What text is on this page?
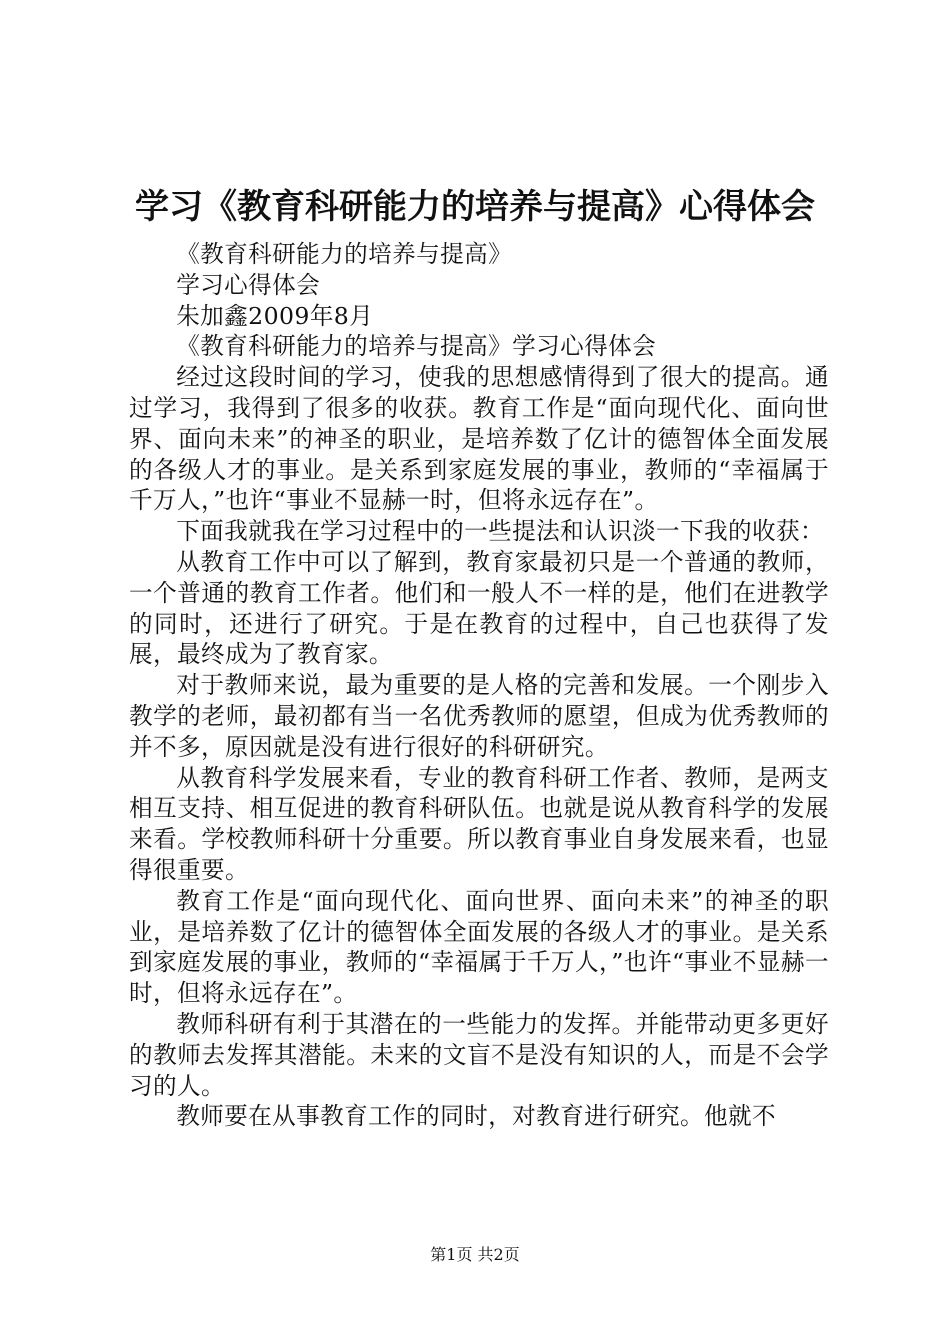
学习《教育科研能力的培养与提高》心得体会

《教育科研能力的培养与提高》

学习心得体会

朱加鑫2009年8月

《教育科研能力的培养与提高》学习心得体会

经过这段时间的学习，使我的思想感情得到了很大的提高。通过学习，我得到了很多的收获。教育工作是“面向现代化、面向世界、面向未来”的神圣的职业，是培养数了亿计的德智体全面发展的各级人才的事业。是关系到家庭发展的事业，教师的“幸福属于千万人，”也许“事业不显赫一时，但将永远存在”。

下面我就我在学习过程中的一些提法和认识淡一下我的收获：

从教育工作中可以了解到，教育家最初只是一个普通的教师，一个普通的教育工作者。他们和一般人不一样的是，他们在进教学的同时，还进行了研究。于是在教育的过程中，自己也获得了发展，最终成为了教育家。

对于教师来说，最为重要的是人格的完善和发展。一个刚步入教学的老师，最初都有当一名优秀教师的愿望，但成为优秀教师的并不多，原因就是没有进行很好的科研研究。

从教育科学发展来看，专业的教育科研工作者、教师，是两支相互支持、相互促进的教育科研队伍。也就是说从教育科学的发展来看。学校教师科研十分重要。所以教育事业自身发展来看，也显得很重要。

教育工作是“面向现代化、面向世界、面向未来”的神圣的职业，是培养数了亿计的德智体全面发展的各级人才的事业。是关系到家庭发展的事业，教师的“幸福属于千万人，”也许“事业不显赫一时，但将永远存在”。

教师科研有利于其潜在的一些能力的发挥。并能带动更多更好的教师去发挥其潜能。未来的文盲不是没有知识的人，而是不会学习的人。

教师要在从事教育工作的同时，对教育进行研究。他就不

第1页 共2页
